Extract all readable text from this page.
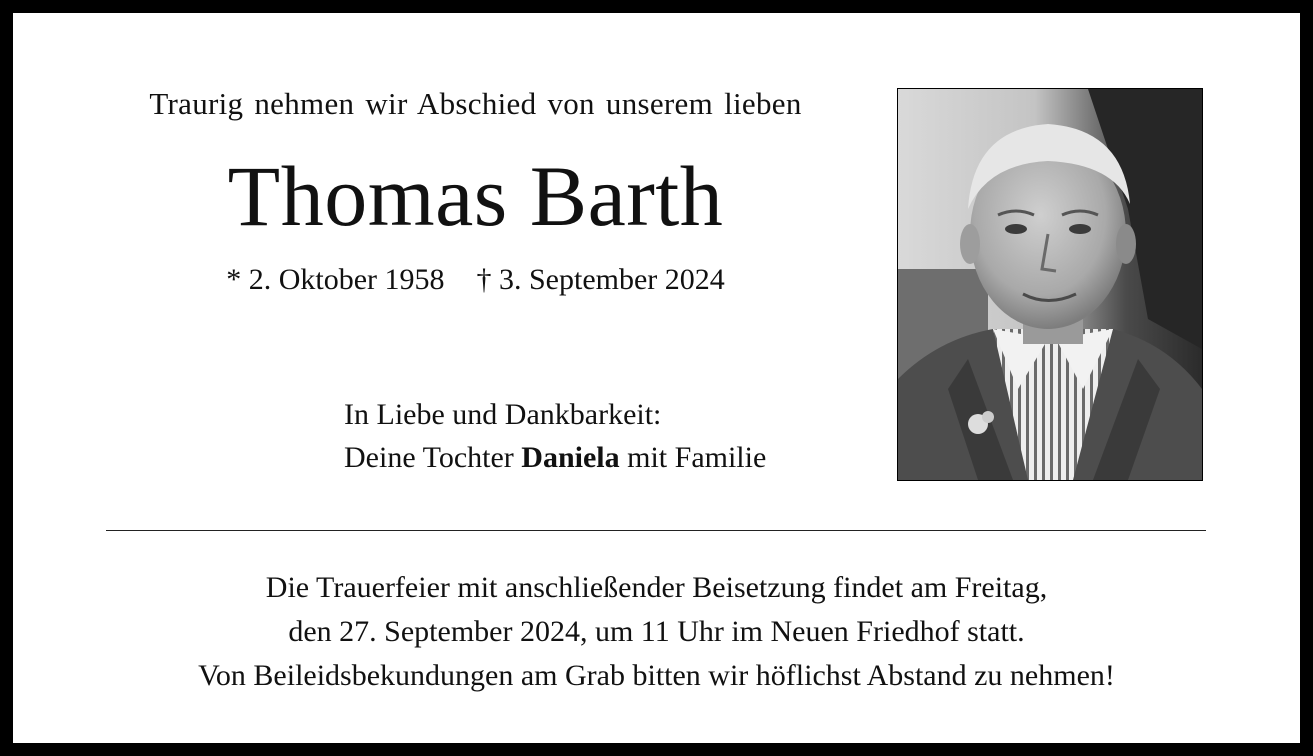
Traurig nehmen wir Abschied von unserem lieben
Thomas Barth
* 2. Oktober 1958 † 3. September 2024
In Liebe und Dankbarkeit:
Deine Tochter Daniela mit Familie
Die Trauerfeier mit anschließender Beisetzung findet am Freitag,
den 27. September 2024, um 11 Uhr im Neuen Friedhof statt.
Von Beileidsbekundungen am Grab bitten wir höflichst Abstand zu nehmen!
